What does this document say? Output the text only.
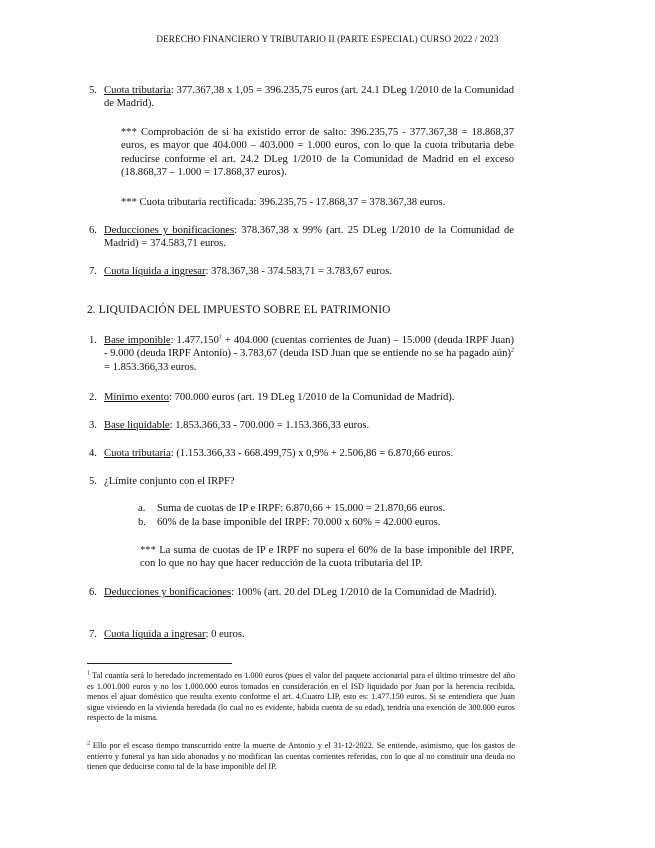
DERECHO FINANCIERO Y TRIBUTARIO II (PARTE ESPECIAL) CURSO 2022 / 2023
5. Cuota tributaria: 377.367,38 x 1,05 = 396.235,75 euros (art. 24.1 DLeg 1/2010 de la Comunidad de Madrid).
*** Comprobación de si ha existido error de salto: 396.235,75 - 377.367,38 = 18.868,37 euros, es mayor que 404.000 – 403.000 = 1.000 euros, con lo que la cuota tributaria debe reducirse conforme el art. 24.2 DLeg 1/2010 de la Comunidad de Madrid en el exceso (18.868,37 – 1.000 = 17.868,37 euros).
*** Cuota tributaria rectificada: 396.235,75 - 17.868,37 = 378.367,38 euros.
6. Deducciones y bonificaciones: 378.367,38 x 99% (art. 25 DLeg 1/2010 de la Comunidad de Madrid) = 374.583,71 euros.
7. Cuota líquida a ingresar: 378.367,38 - 374.583,71 = 3.783,67 euros.
2. LIQUIDACIÓN DEL IMPUESTO SOBRE EL PATRIMONIO
1. Base imponible: $1.477.150^1 + 404.000$ (cuentas corrientes de Juan) – 15.000 (deuda IRPF Juan) - 9.000 (deuda IRPF Antonio) - 3.783,67 (deuda ISD Juan que se entiende no se ha pagado aún)$^2$ = 1.853.366,33 euros.
2. Mínimo exento: 700.000 euros (art. 19 DLeg 1/2010 de la Comunidad de Madrid).
3. Base liquidable: 1.853.366,33 - 700.000 = 1.153.366,33 euros.
4. Cuota tributaria: (1.153.366,33 - 668.499,75) x 0,9% + 2.506,86 = 6.870,66 euros.
5. ¿Límite conjunto con el IRPF?
a. Suma de cuotas de IP e IRPF: 6.870,66 + 15.000 = 21.870,66 euros.
b. 60% de la base imponible del IRPF: 70.000 x 60% = 42.000 euros.
*** La suma de cuotas de IP e IRPF no supera el 60% de la base imponible del IRPF, con lo que no hay que hacer reducción de la cuota tributaria del IP.
6. Deducciones y bonificaciones: 100% (art. 20 del DLeg 1/2010 de la Comunidad de Madrid).
7. Cuota líquida a ingresar: 0 euros.
$^1$ Tal cuantía será lo heredado incrementado en 1.000 euros (pues el valor del paquete accionarial para el último trimestre del año es 1.001.000 euros y no los 1.000.000 euros tomados en consideración en el ISD liquidado por Juan por la herencia recibida, menos el ajuar doméstico que resulta exento conforme el art. 4.Cuatro LIP, esto es: 1.477.150 euros. Si se entendiera que Juan sigue viviendo en la vivienda heredada (lo cual no es evidente, habida cuenta de su edad), tendría una exención de 300.000 euros respecto de la misma.
$^2$ Ello por el escaso tiempo transcurrido entre la muerte de Antonio y el 31-12-2022. Se entiende, asimismo, que los gastos de entierro y funeral ya han sido abonados y no modifican las cuentas corrientes referidas, con lo que al no constituir una deuda no tienen que deducirse como tal de la base imponible del IP.
